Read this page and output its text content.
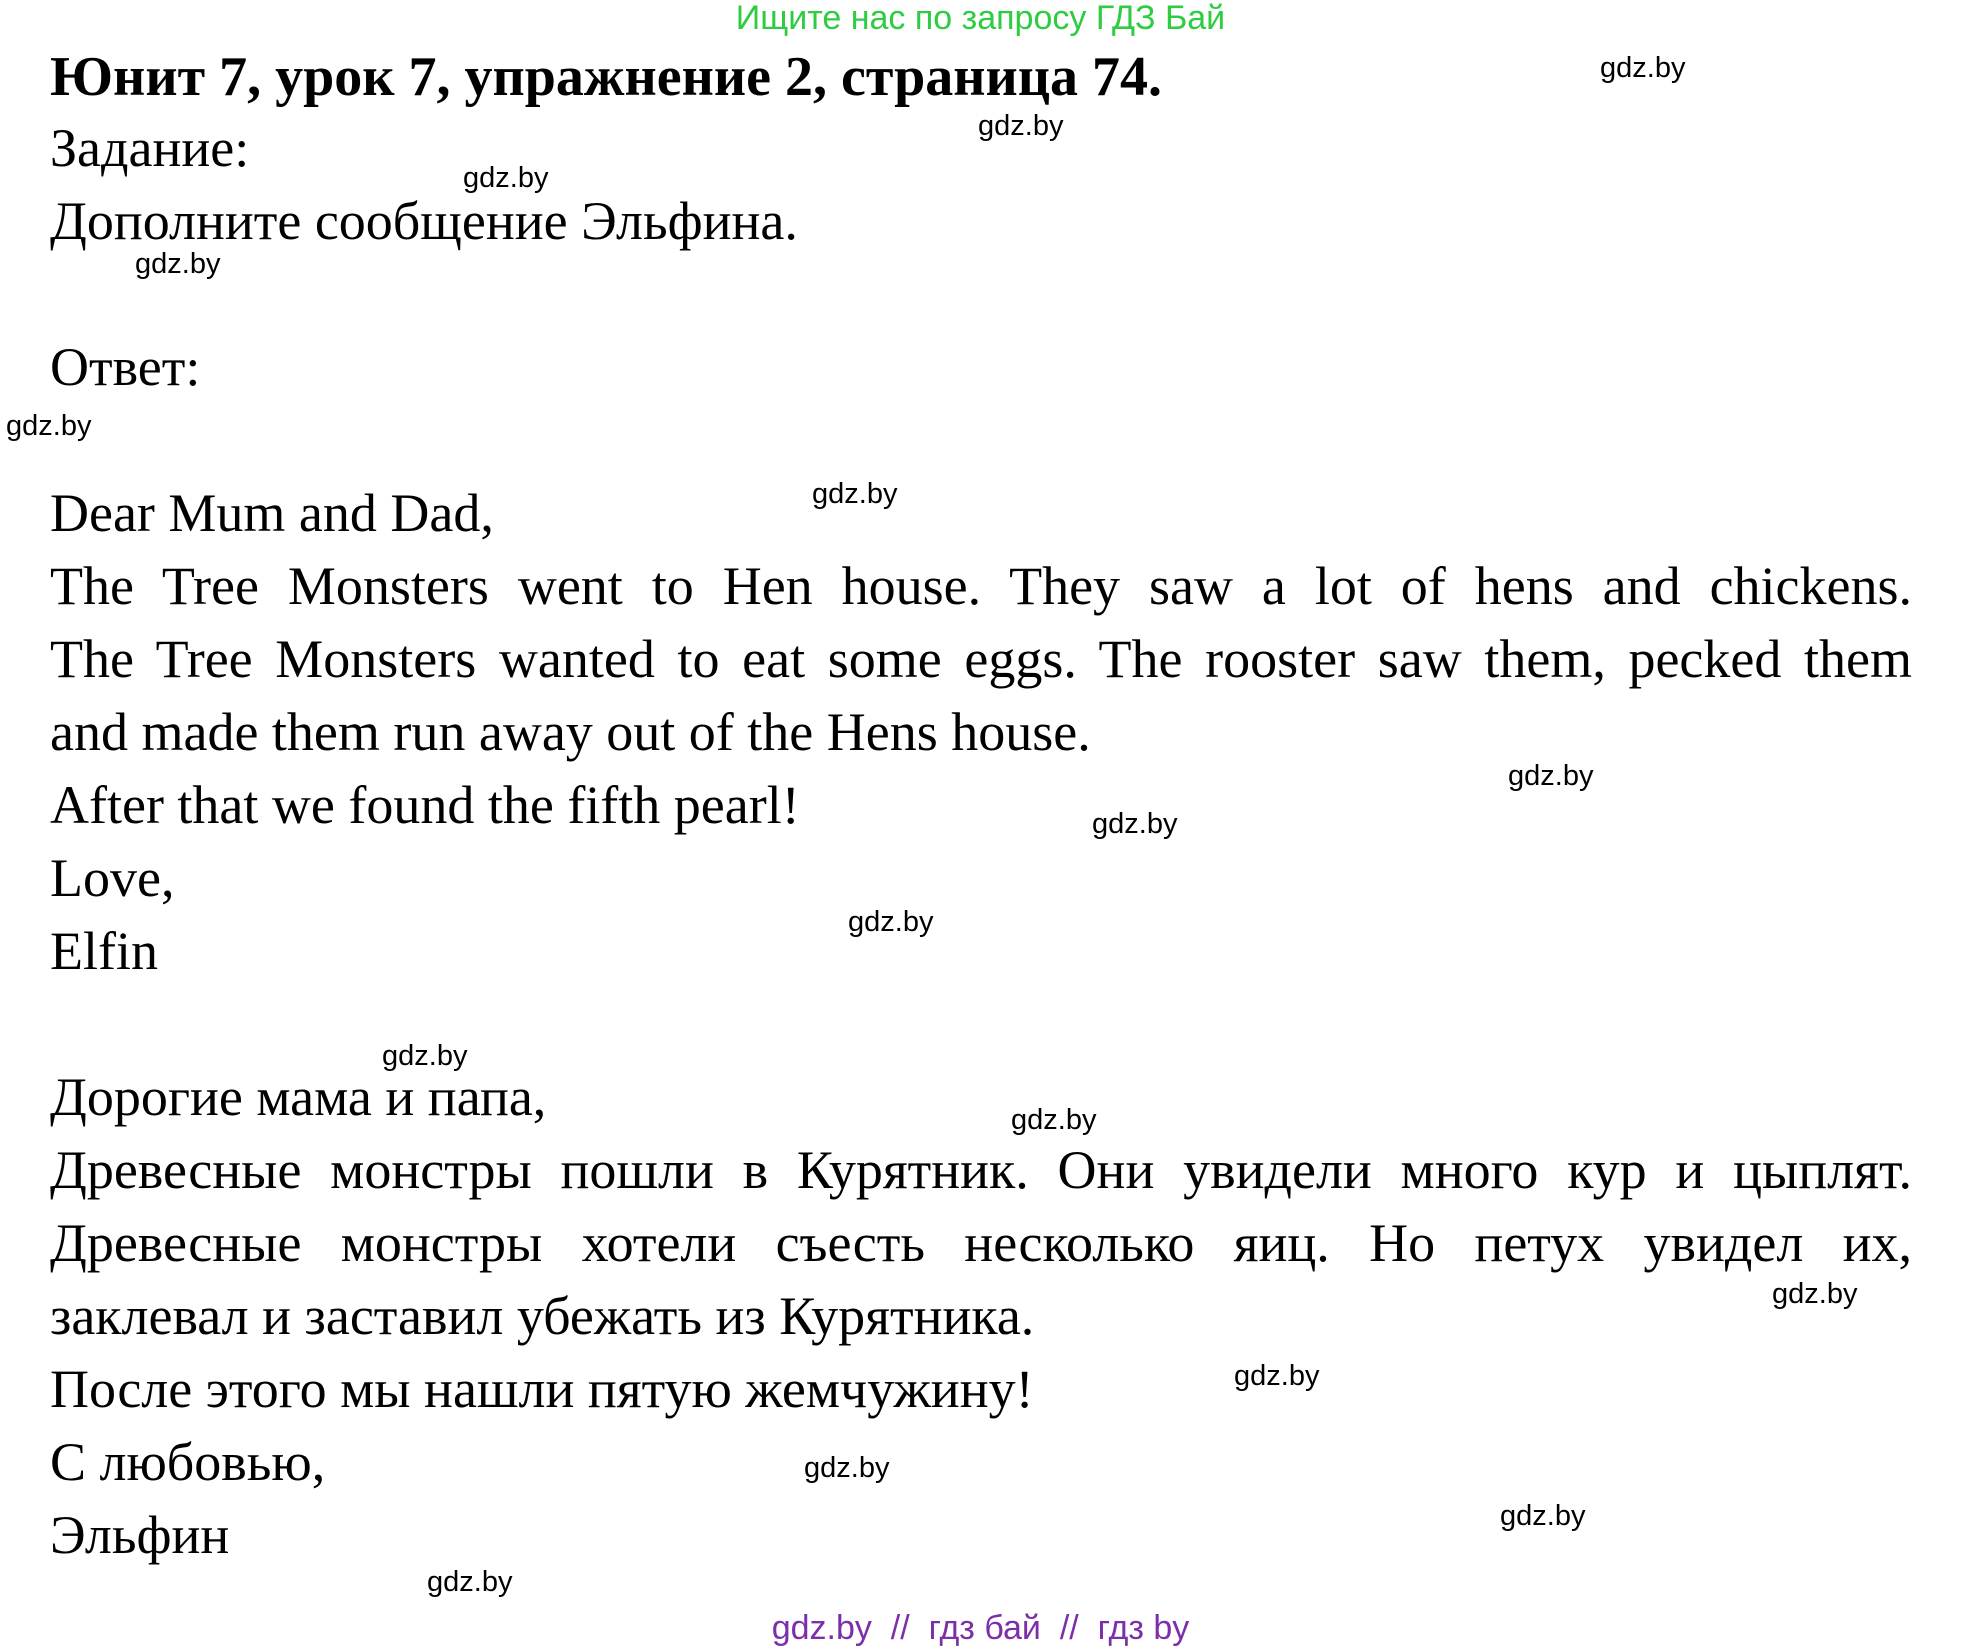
Ищите нас по запросу ГДЗ Бай
Юнит 7, урок 7, упражнение 2, страница 74.
Задание:
Дополните сообщение Эльфина.
Ответ:
Dear Mum and Dad,
The Tree Monsters went to Hen house. They saw a lot of hens and chickens.
The Tree Monsters wanted to eat some eggs. The rooster saw them, pecked them
and made them run away out of the Hens house.
After that we found the fifth pearl!
Love,
Elfin
Дорогие мама и папа,
Древесные монстры пошли в Курятник. Они увидели много кур и цыплят.
Древесные монстры хотели съесть несколько яиц. Но петух увидел их,
заклевал и заставил убежать из Курятника.
После этого мы нашли пятую жемчужину!
С любовью,
Эльфин
gdz.by
gdz.by
gdz.by
gdz.by
gdz.by
gdz.by
gdz.by
gdz.by
gdz.by
gdz.by
gdz.by
gdz.by
gdz.by
gdz.by
gdz.by
gdz.by
gdz.by  //  гдз бай  //  гдз by
